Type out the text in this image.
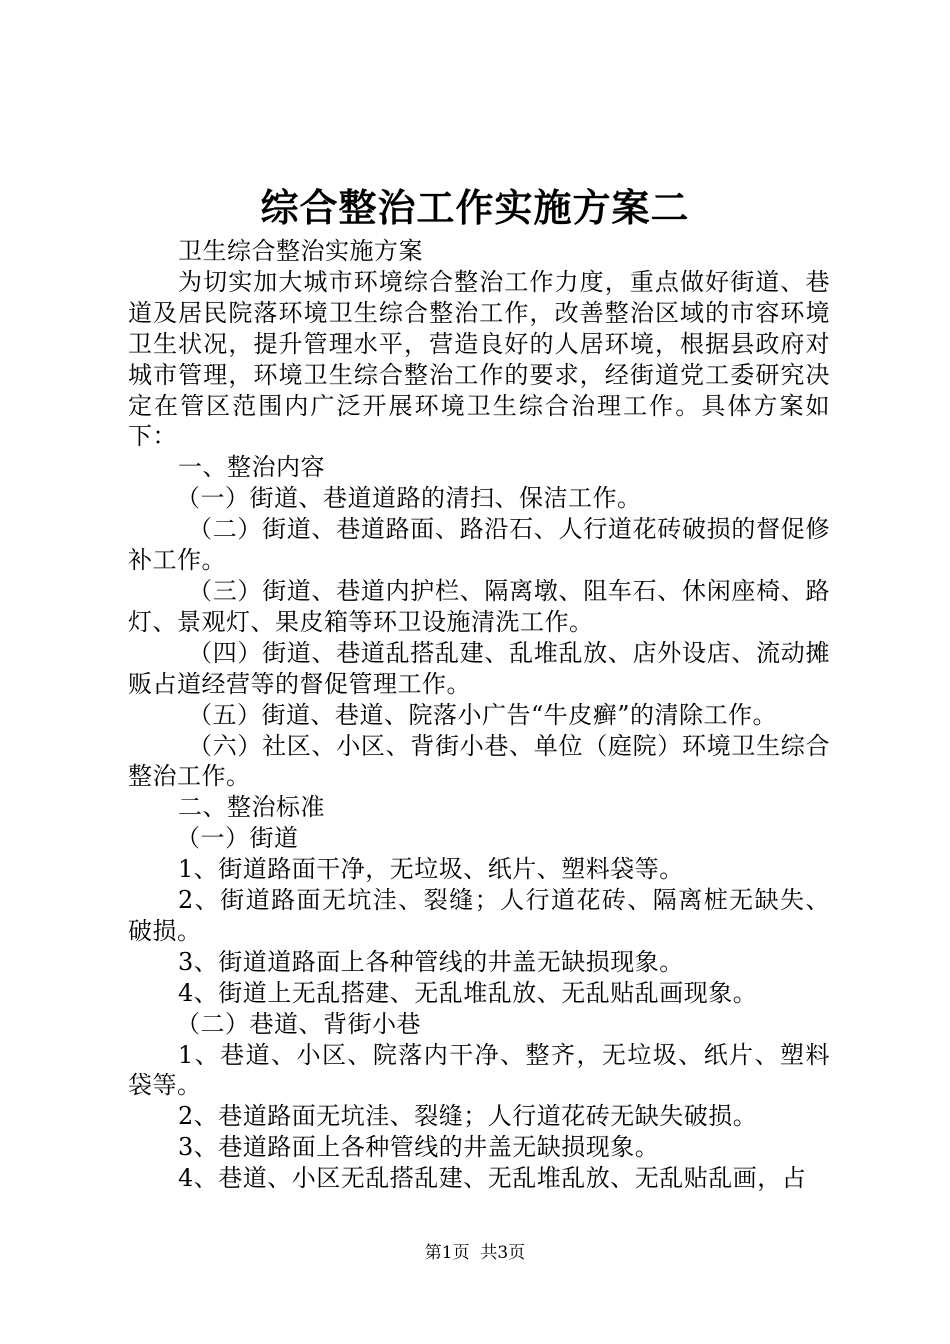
综合整治工作实施方案二

卫生综合整治实施方案

为切实加大城市环境综合整治工作力度，重点做好街道、巷道及居民院落环境卫生综合整治工作，改善整治区域的市容环境卫生状况，提升管理水平，营造良好的人居环境，根据县政府对城市管理，环境卫生综合整治工作的要求，经街道党工委研究决定在管区范围内广泛开展环境卫生综合治理工作。具体方案如下：

一、整治内容

（一）街道、巷道道路的清扫、保洁工作。

（二）街道、巷道路面、路沿石、人行道花砖破损的督促修补工作。

（三）街道、巷道内护栏、隔离墩、阻车石、休闲座椅、路灯、景观灯、果皮箱等环卫设施清洗工作。

（四）街道、巷道乱搭乱建、乱堆乱放、店外设店、流动摊贩占道经营等的督促管理工作。

（五）街道、巷道、院落小广告“牛皮癣”的清除工作。

（六）社区、小区、背街小巷、单位（庭院）环境卫生综合整治工作。

二、整治标准

（一）街道

1、街道路面干净，无垃圾、纸片、塑料袋等。

2、街道路面无坑洼、裂缝；人行道花砖、隔离桩无缺失、破损。

3、街道道路面上各种管线的井盖无缺损现象。

4、街道上无乱搭建、无乱堆乱放、无乱贴乱画现象。

（二）巷道、背街小巷

1、巷道、小区、院落内干净、整齐，无垃圾、纸片、塑料袋等。

2、巷道路面无坑洼、裂缝；人行道花砖无缺失破损。

3、巷道路面上各种管线的井盖无缺损现象。

4、巷道、小区无乱搭乱建、无乱堆乱放、无乱贴乱画，占

第1页  共3页
